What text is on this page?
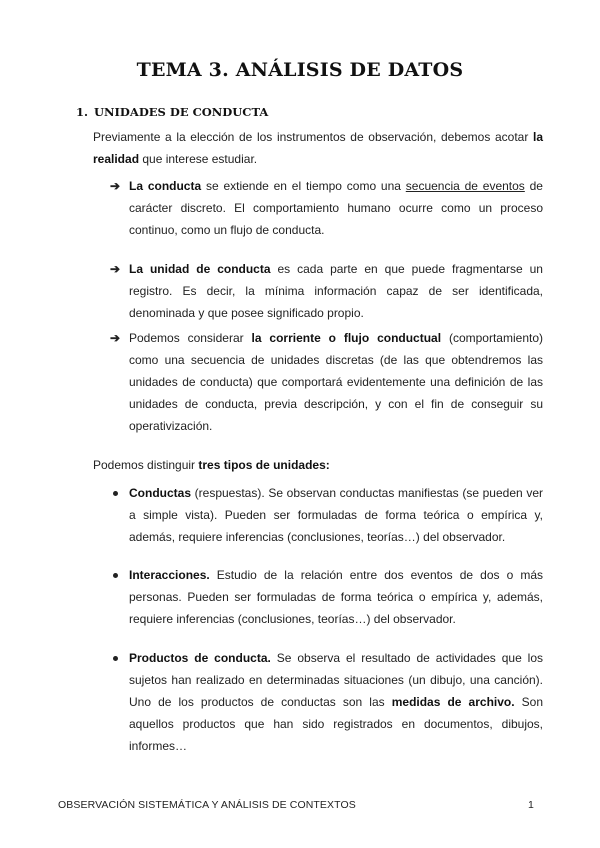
TEMA 3. ANÁLISIS DE DATOS
1. UNIDADES DE CONDUCTA
Previamente a la elección de los instrumentos de observación, debemos acotar la realidad que interese estudiar.
➔ La conducta se extiende en el tiempo como una secuencia de eventos de carácter discreto. El comportamiento humano ocurre como un proceso continuo, como un flujo de conducta.
➔ La unidad de conducta es cada parte en que puede fragmentarse un registro. Es decir, la mínima información capaz de ser identificada, denominada y que posee significado propio.
➔ Podemos considerar la corriente o flujo conductual (comportamiento) como una secuencia de unidades discretas (de las que obtendremos las unidades de conducta) que comportará evidentemente una definición de las unidades de conducta, previa descripción, y con el fin de conseguir su operativización.
Podemos distinguir tres tipos de unidades:
Conductas (respuestas). Se observan conductas manifiestas (se pueden ver a simple vista). Pueden ser formuladas de forma teórica o empírica y, además, requiere inferencias (conclusiones, teorías…) del observador.
Interacciones. Estudio de la relación entre dos eventos de dos o más personas. Pueden ser formuladas de forma teórica o empírica y, además, requiere inferencias (conclusiones, teorías…) del observador.
Productos de conducta. Se observa el resultado de actividades que los sujetos han realizado en determinadas situaciones (un dibujo, una canción). Uno de los productos de conductas son las medidas de archivo. Son aquellos productos que han sido registrados en documentos, dibujos, informes…
OBSERVACIÓN SISTEMÁTICA Y ANÁLISIS DE CONTEXTOS	1
